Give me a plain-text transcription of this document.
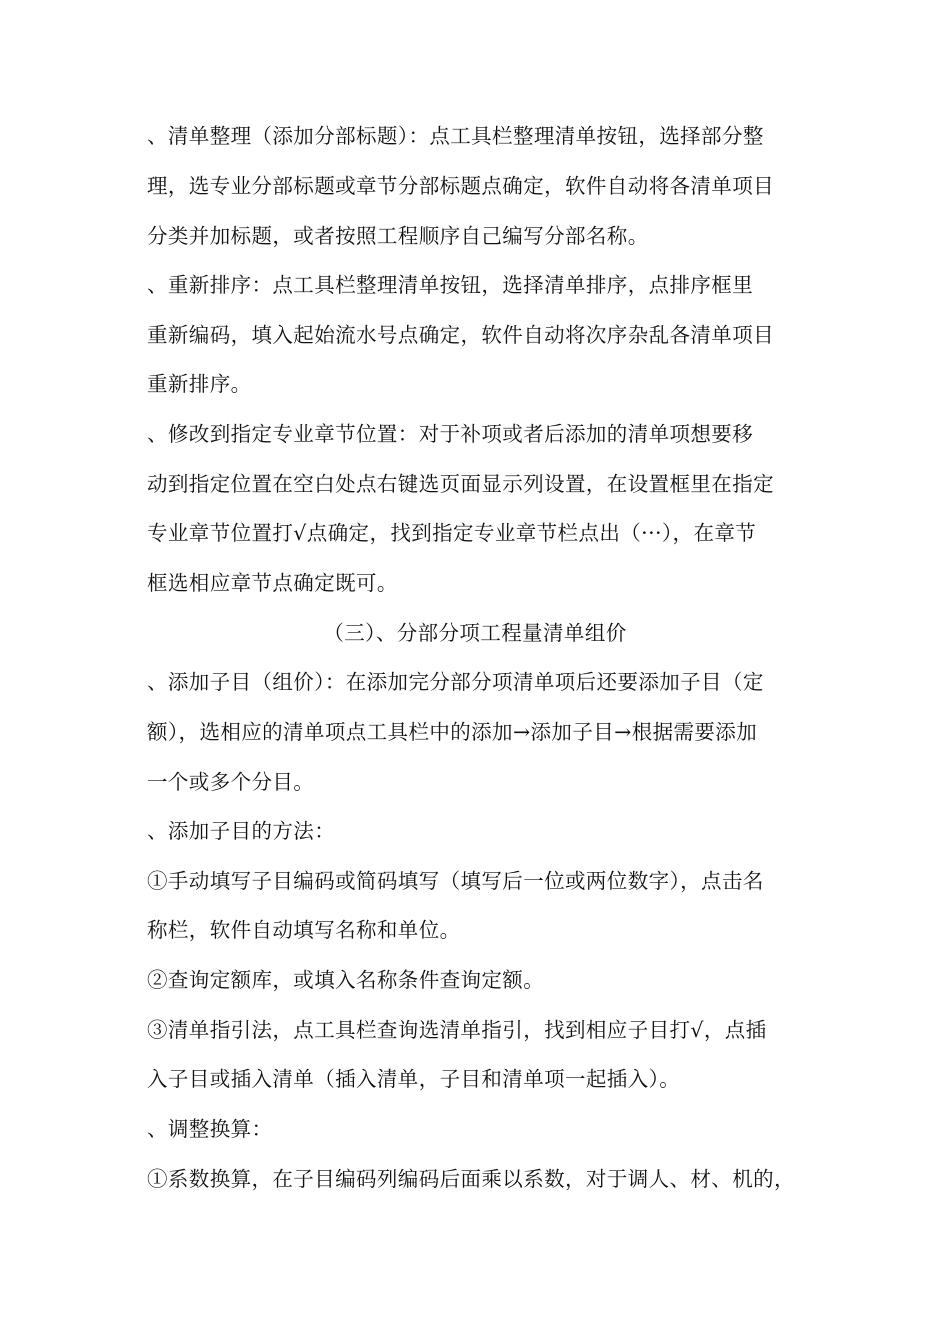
、清单整理（添加分部标题）：点工具栏整理清单按钮，选择部分整
理，选专业分部标题或章节分部标题点确定，软件自动将各清单项目
分类并加标题，或者按照工程顺序自己编写分部名称。
、重新排序：点工具栏整理清单按钮，选择清单排序，点排序框里
重新编码，填入起始流水号点确定，软件自动将次序杂乱各清单项目
重新排序。
、修改到指定专业章节位置：对于补项或者后添加的清单项想要移
动到指定位置在空白处点右键选页面显示列设置，在设置框里在指定
专业章节位置打√点确定，找到指定专业章节栏点出（···），在章节
框选相应章节点确定既可。
（三）、分部分项工程量清单组价
、添加子目（组价）：在添加完分部分项清单项后还要添加子目（定
额），选相应的清单项点工具栏中的添加→添加子目→根据需要添加
一个或多个分目。
、添加子目的方法：
①手动填写子目编码或简码填写（填写后一位或两位数字），点击名
称栏，软件自动填写名称和单位。
②查询定额库，或填入名称条件查询定额。
③清单指引法，点工具栏查询选清单指引，找到相应子目打√，点插
入子目或插入清单（插入清单，子目和清单项一起插入）。
、调整换算：
①系数换算，在子目编码列编码后面乘以系数，对于调人、材、机的，
